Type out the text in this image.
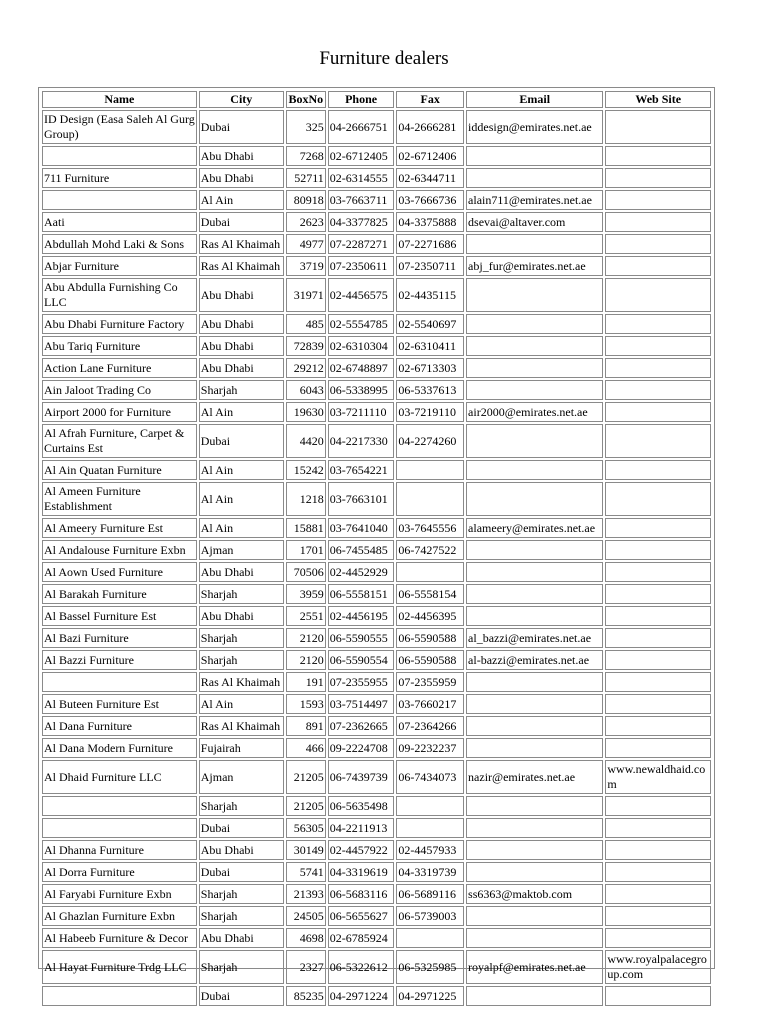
Furniture dealers
Name	City	BoxNo	Phone	Fax	Email	Web Site
ID Design (Easa Saleh Al Gurg Group)	Dubai	325	04-2666751	04-2666281	iddesign@emirates.net.ae	
	Abu Dhabi	7268	02-6712405	02-6712406		
711 Furniture	Abu Dhabi	52711	02-6314555	02-6344711		
	Al Ain	80918	03-7663711	03-7666736	alain711@emirates.net.ae	
Aati	Dubai	2623	04-3377825	04-3375888	dsevai@altaver.com	
Abdullah Mohd Laki & Sons	Ras Al Khaimah	4977	07-2287271	07-2271686		
Abjar Furniture	Ras Al Khaimah	3719	07-2350611	07-2350711	abj_fur@emirates.net.ae	
Abu Abdulla Furnishing Co LLC	Abu Dhabi	31971	02-4456575	02-4435115		
Abu Dhabi Furniture Factory	Abu Dhabi	485	02-5554785	02-5540697		
Abu Tariq Furniture	Abu Dhabi	72839	02-6310304	02-6310411		
Action Lane Furniture	Abu Dhabi	29212	02-6748897	02-6713303		
Ain Jaloot Trading Co	Sharjah	6043	06-5338995	06-5337613		
Airport 2000 for Furniture	Al Ain	19630	03-7211110	03-7219110	air2000@emirates.net.ae	
Al Afrah Furniture, Carpet & Curtains Est	Dubai	4420	04-2217330	04-2274260		
Al Ain Quatan Furniture	Al Ain	15242	03-7654221			
Al Ameen Furniture Establishment	Al Ain	1218	03-7663101			
Al Ameery Furniture Est	Al Ain	15881	03-7641040	03-7645556	alameery@emirates.net.ae	
Al Andalouse Furniture Exbn	Ajman	1701	06-7455485	06-7427522		
Al Aown Used Furniture	Abu Dhabi	70506	02-4452929			
Al Barakah Furniture	Sharjah	3959	06-5558151	06-5558154		
Al Bassel Furniture Est	Abu Dhabi	2551	02-4456195	02-4456395		
Al Bazi Furniture	Sharjah	2120	06-5590555	06-5590588	al_bazzi@emirates.net.ae	
Al Bazzi Furniture	Sharjah	2120	06-5590554	06-5590588	al-bazzi@emirates.net.ae	
	Ras Al Khaimah	191	07-2355955	07-2355959		
Al Buteen Furniture Est	Al Ain	1593	03-7514497	03-7660217		
Al Dana Furniture	Ras Al Khaimah	891	07-2362665	07-2364266		
Al Dana Modern Furniture	Fujairah	466	09-2224708	09-2232237		
Al Dhaid Furniture LLC	Ajman	21205	06-7439739	06-7434073	nazir@emirates.net.ae	www.newaldhaid.com
	Sharjah	21205	06-5635498			
	Dubai	56305	04-2211913			
Al Dhanna Furniture	Abu Dhabi	30149	02-4457922	02-4457933		
Al Dorra Furniture	Dubai	5741	04-3319619	04-3319739		
Al Faryabi Furniture Exbn	Sharjah	21393	06-5683116	06-5689116	ss6363@maktob.com	
Al Ghazlan Furniture Exbn	Sharjah	24505	06-5655627	06-5739003		
Al Habeeb Furniture & Decor	Abu Dhabi	4698	02-6785924			
Al Hayat Furniture Trdg LLC	Sharjah	2327	06-5322612	06-5325985	royalpf@emirates.net.ae	www.royalpalacegroup.com
	Dubai	85235	04-2971224	04-2971225		
